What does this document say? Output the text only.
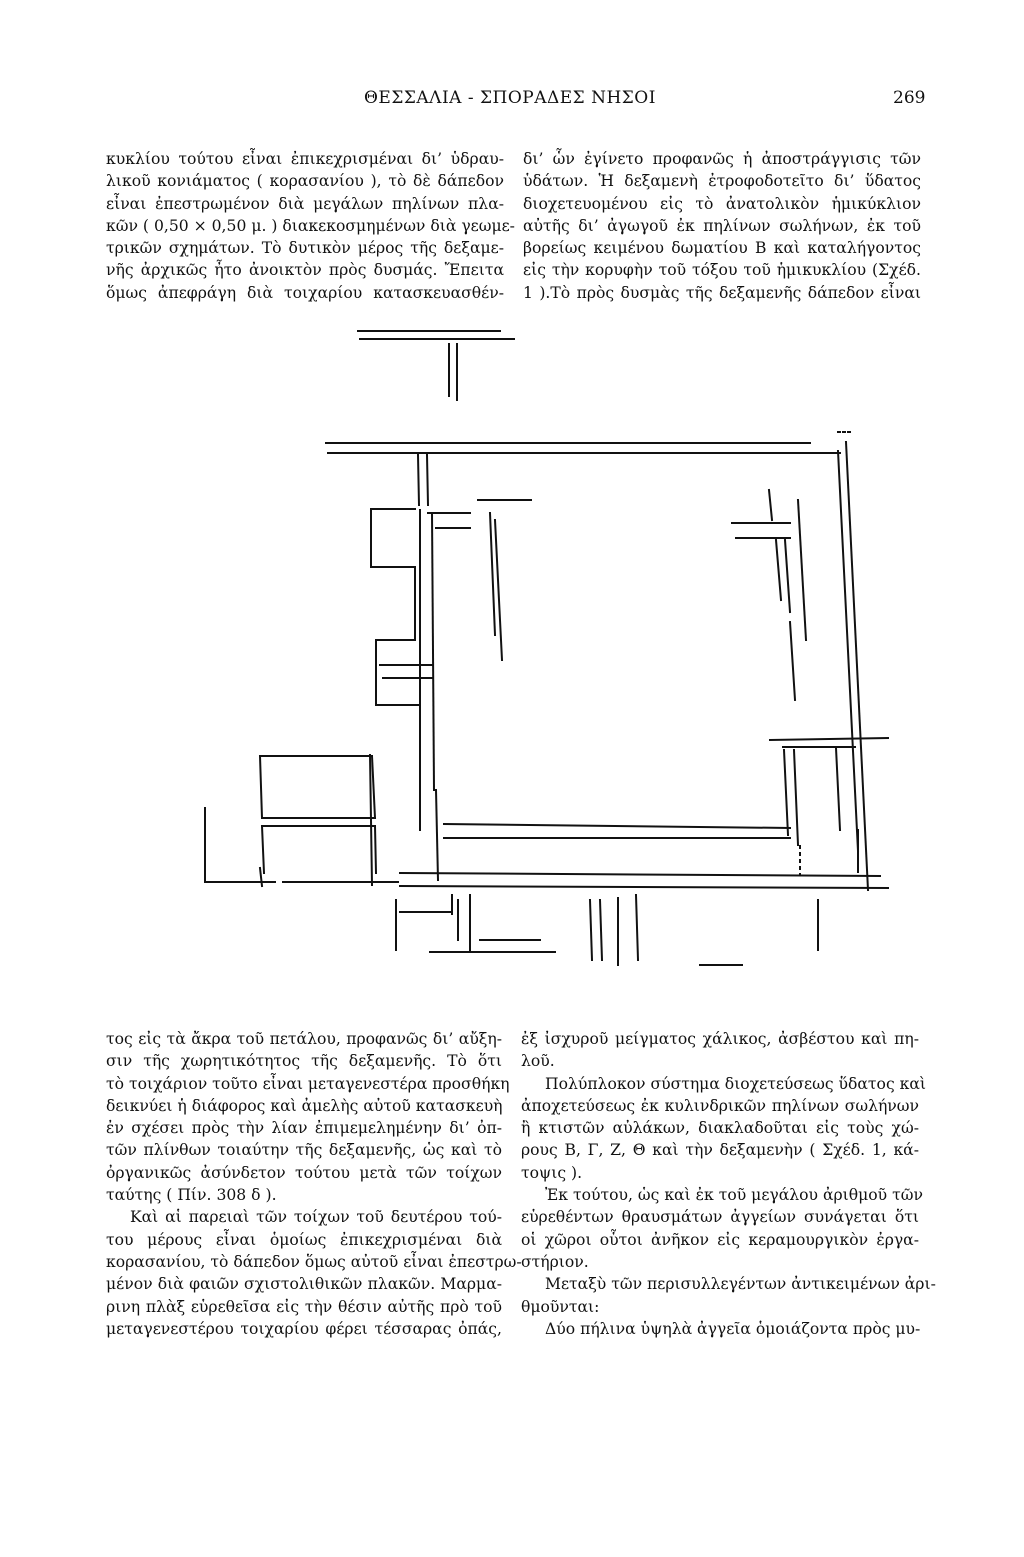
ΘΕΣΣΑΛΙΑ - ΣΠΟΡΑΔΕΣ ΝΗΣΟΙ	269

κυκλίου τούτου εἶναι ἐπικεχρισμέναι δι’ ὑδραυ-

λικοῦ κονιάματος ( κορασανίου ), τὸ δὲ δάπεδον

εἶναι ἐπεστρωμένον διὰ μεγάλων πηλίνων πλα-

κῶν ( 0,50 × 0,50 μ. ) διακεκοσμημένων διὰ γεωμε-

τρικῶν σχημάτων. Τὸ δυτικὸν μέρος τῆς δεξαμε-

νῆς ἀρχικῶς ἦτο ἀνοικτὸν πρὸς δυσμάς. Ἔπειτα

ὅμως ἀπεφράγη διὰ τοιχαρίου κατασκευασθέν-

δι’ ὧν ἐγίνετο προφανῶς ἡ ἀποστράγγισις τῶν

ὑδάτων. Ἡ δεξαμενὴ ἐτροφοδοτεῖτο δι’ ὕδατος

διοχετευομένου εἰς τὸ ἀνατολικὸν ἡμικύκλιον

αὐτῆς δι’ ἀγωγοῦ ἐκ πηλίνων σωλήνων, ἐκ τοῦ

βορείως κειμένου δωματίου Β καὶ καταλήγοντος

εἰς τὴν κορυφὴν τοῦ τόξου τοῦ ἡμικυκλίου (Σχέδ.

1 ).Τὸ πρὸς δυσμὰς τῆς δεξαμενῆς δάπεδον εἶναι

τος εἰς τὰ ἄκρα τοῦ πετάλου, προφανῶς δι’ αὔξη-

σιν τῆς χωρητικότητος τῆς δεξαμενῆς. Τὸ ὅτι

τὸ τοιχάριον τοῦτο εἶναι μεταγενεστέρα προσθήκη

δεικνύει ἡ διάφορος καὶ ἀμελὴς αὐτοῦ κατασκευὴ

ἐν σχέσει πρὸς τὴν λίαν ἐπιμεμελημένην δι’ ὀπ-

τῶν πλίνθων τοιαύτην τῆς δεξαμενῆς, ὡς καὶ τὸ

ὀργανικῶς ἀσύνδετον τούτου μετὰ τῶν τοίχων

ταύτης ( Πίν. 308 δ ).

Καὶ αἱ παρειαὶ τῶν τοίχων τοῦ δευτέρου τού-

του μέρους εἶναι ὁμοίως ἐπικεχρισμέναι διὰ

κορασανίου, τὸ δάπεδον ὅμως αὐτοῦ εἶναι ἐπεστρω-

μένον διὰ φαιῶν σχιστολιθικῶν πλακῶν. Μαρμα-

ρινη πλὰξ εὑρεθεῖσα εἰς τὴν θέσιν αὐτῆς πρὸ τοῦ

μεταγενεστέρου τοιχαρίου φέρει τέσσαρας ὀπάς,

ἐξ ἰσχυροῦ μείγματος χάλικος, ἀσβέστου καὶ πη-

λοῦ.

Πολύπλοκον σύστημα διοχετεύσεως ὕδατος καὶ

ἀποχετεύσεως ἐκ κυλινδρικῶν πηλίνων σωλήνων

ἢ κτιστῶν αὐλάκων, διακλαδοῦται εἰς τοὺς χώ-

ρους Β, Γ, Ζ, Θ καὶ τὴν δεξαμενὴν ( Σχέδ. 1, κά-

τοψις ).

Ἐκ τούτου, ὡς καὶ ἐκ τοῦ μεγάλου ἀριθμοῦ τῶν

εὑρεθέντων θραυσμάτων ἀγγείων συνάγεται ὅτι

οἱ χῶροι οὗτοι ἀνῆκον εἰς κεραμουργικὸν ἐργα-

στήριον.

Μεταξὺ τῶν περισυλλεγέντων ἀντικειμένων ἀρι-

θμοῦνται:

Δύο πήλινα ὑψηλὰ ἀγγεῖα ὁμοιάζοντα πρὸς μυ-
